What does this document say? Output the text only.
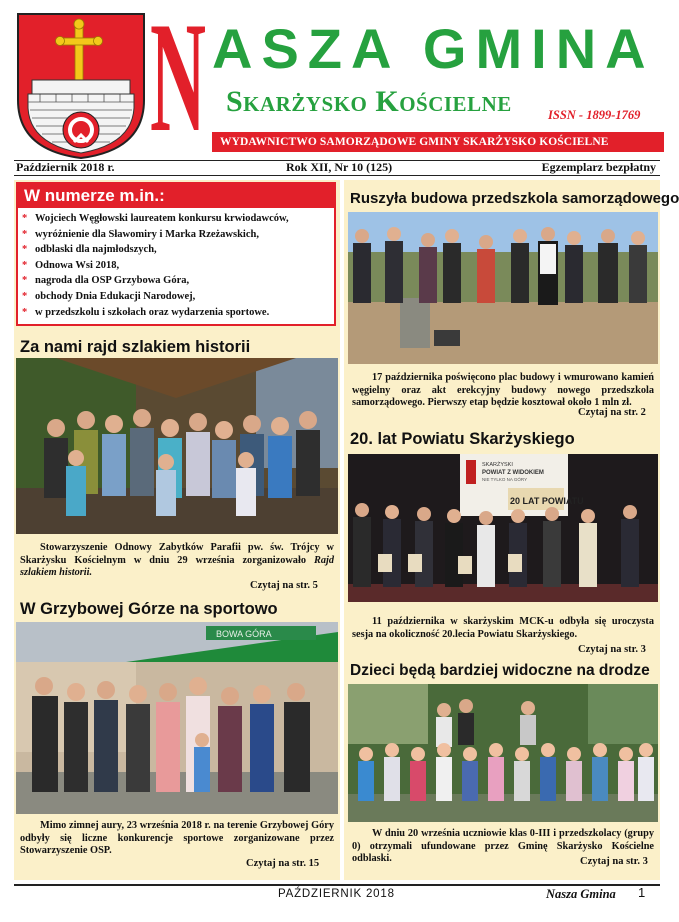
N ASZA GMINA
Skarżysko Kościelne	ISSN - 1899-1769
WYDAWNICTWO SAMORZĄDOWE GMINY SKARŻYSKO KOŚCIELNE
Październik 2018 r.	Rok XII, Nr 10 (125)	Egzemplarz bezpłatny
W numerze m.in.:
* Wojciech Węgłowski laureatem konkursu krwiodawców,
* wyróżnienie dla Sławomiry i Marka Rzeżawskich,
* odblaski dla najmłodszych,
* Odnowa Wsi 2018,
* nagroda dla OSP Grzybowa Góra,
* obchody Dnia Edukacji Narodowej,
* w przedszkolu i szkołach oraz wydarzenia sportowe.
Za nami rajd szlakiem historii
Stowarzyszenie Odnowy Zabytków Parafii pw. św. Trójcy w Skarżysku Kościelnym w dniu 29 września zorganizowało Rajd szlakiem historii.
Czytaj na str. 5
W Grzybowej Górze na sportowo
BOWA GÓRA
Mimo zimnej aury, 23 września 2018 r. na terenie Grzybowej Góry odbyły się liczne konkurencje sportowe zorganizowane przez Stowarzyszenie OSP.
Czytaj na str. 15
Ruszyła budowa przedszkola samorządowego
17 października poświęcono plac budowy i wmurowano kamień węgielny oraz akt erekcyjny budowy nowego przedszkola samorządowego. Pierwszy etap będzie kosztował około 1 mln zł.
Czytaj na str. 2
20. lat Powiatu Skarżyskiego
SKARŻYSKI
POWIAT Z WIDOKIEM
NIE TYLKO NA GÓRY
20 LAT POWIATU
11 października w skarżyskim MCK-u odbyła się uroczysta sesja na okoliczność 20.lecia Powiatu Skarżyskiego.
Czytaj na str. 3
Dzieci będą bardziej widoczne na drodze
W dniu 20 września uczniowie klas 0-III i przedszkolacy (grupy 0) otrzymali ufundowane przez Gminę Skarżysko Kościelne odblaski.	Czytaj na str. 3
PAŹDZIERNIK 2018	Nasza Gmina 1
